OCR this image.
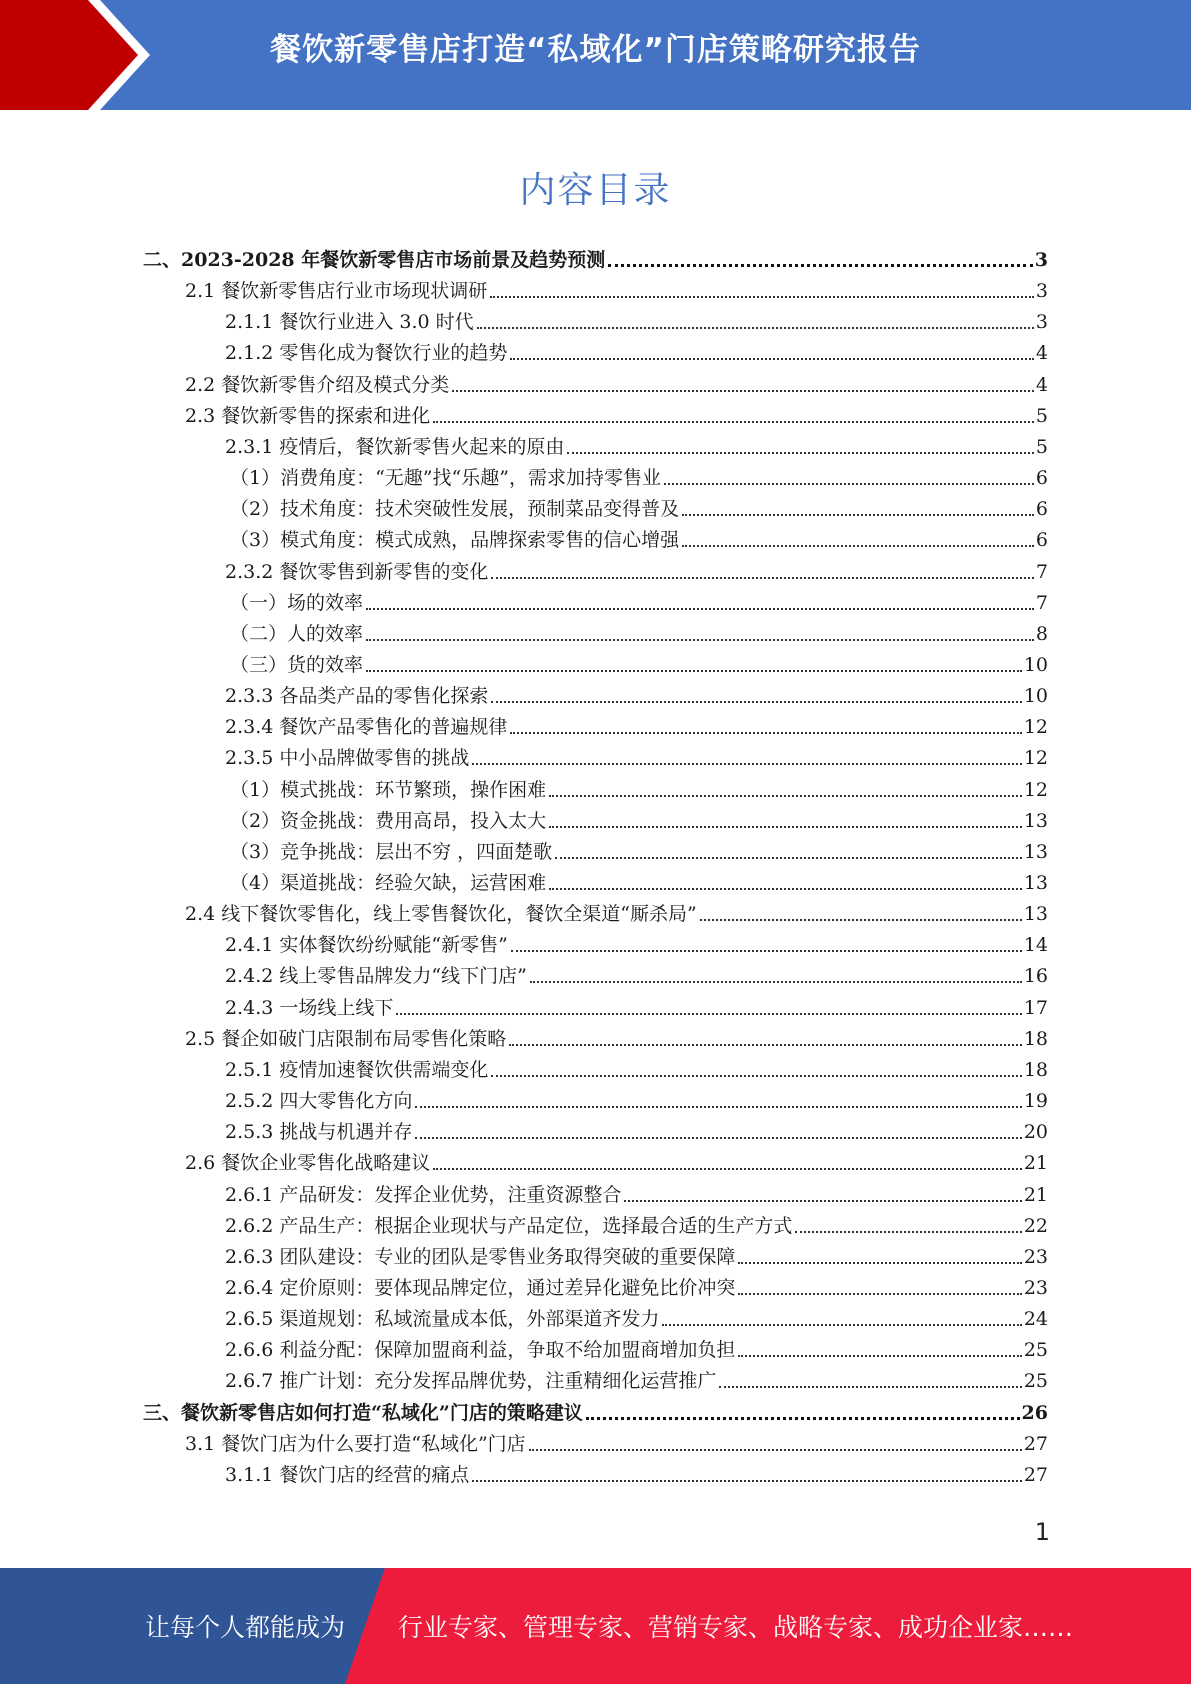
餐饮新零售店打造“私域化”门店策略研究报告
内容目录
二、2023-2028 年餐饮新零售店市场前景及趋势预测	3
2.1 餐饮新零售店行业市场现状调研	3
2.1.1 餐饮行业进入 3.0 时代	3
2.1.2 零售化成为餐饮行业的趋势	4
2.2 餐饮新零售介绍及模式分类	4
2.3 餐饮新零售的探索和进化	5
2.3.1 疫情后，餐饮新零售火起来的原由	5
（1）消费角度：“无趣”找“乐趣”，需求加持零售业	6
（2）技术角度：技术突破性发展，预制菜品变得普及	6
（3）模式角度：模式成熟，品牌探索零售的信心增强	6
2.3.2 餐饮零售到新零售的变化	7
（一）场的效率	7
（二）人的效率	8
（三）货的效率	10
2.3.3 各品类产品的零售化探索	10
2.3.4 餐饮产品零售化的普遍规律	12
2.3.5 中小品牌做零售的挑战	12
（1）模式挑战：环节繁琐，操作困难	12
（2）资金挑战：费用高昂，投入太大	13
（3）竞争挑战：层出不穷 ，四面楚歌	13
（4）渠道挑战：经验欠缺，运营困难	13
2.4 线下餐饮零售化，线上零售餐饮化，餐饮全渠道“厮杀局”	13
2.4.1 实体餐饮纷纷赋能“新零售”	14
2.4.2 线上零售品牌发力“线下门店”	16
2.4.3 一场线上线下	17
2.5 餐企如破门店限制布局零售化策略	18
2.5.1 疫情加速餐饮供需端变化	18
2.5.2 四大零售化方向	19
2.5.3 挑战与机遇并存	20
2.6 餐饮企业零售化战略建议	21
2.6.1 产品研发：发挥企业优势，注重资源整合	21
2.6.2 产品生产：根据企业现状与产品定位，选择最合适的生产方式	22
2.6.3 团队建设：专业的团队是零售业务取得突破的重要保障	23
2.6.4 定价原则：要体现品牌定位，通过差异化避免比价冲突	23
2.6.5 渠道规划：私域流量成本低，外部渠道齐发力	24
2.6.6 利益分配：保障加盟商利益，争取不给加盟商增加负担	25
2.6.7 推广计划：充分发挥品牌优势，注重精细化运营推广	25
三、餐饮新零售店如何打造“私域化”门店的策略建议	26
3.1 餐饮门店为什么要打造“私域化”门店	27
3.1.1 餐饮门店的经营的痛点	27
1
让每个人都能成为	行业专家、管理专家、营销专家、战略专家、成功企业家……
